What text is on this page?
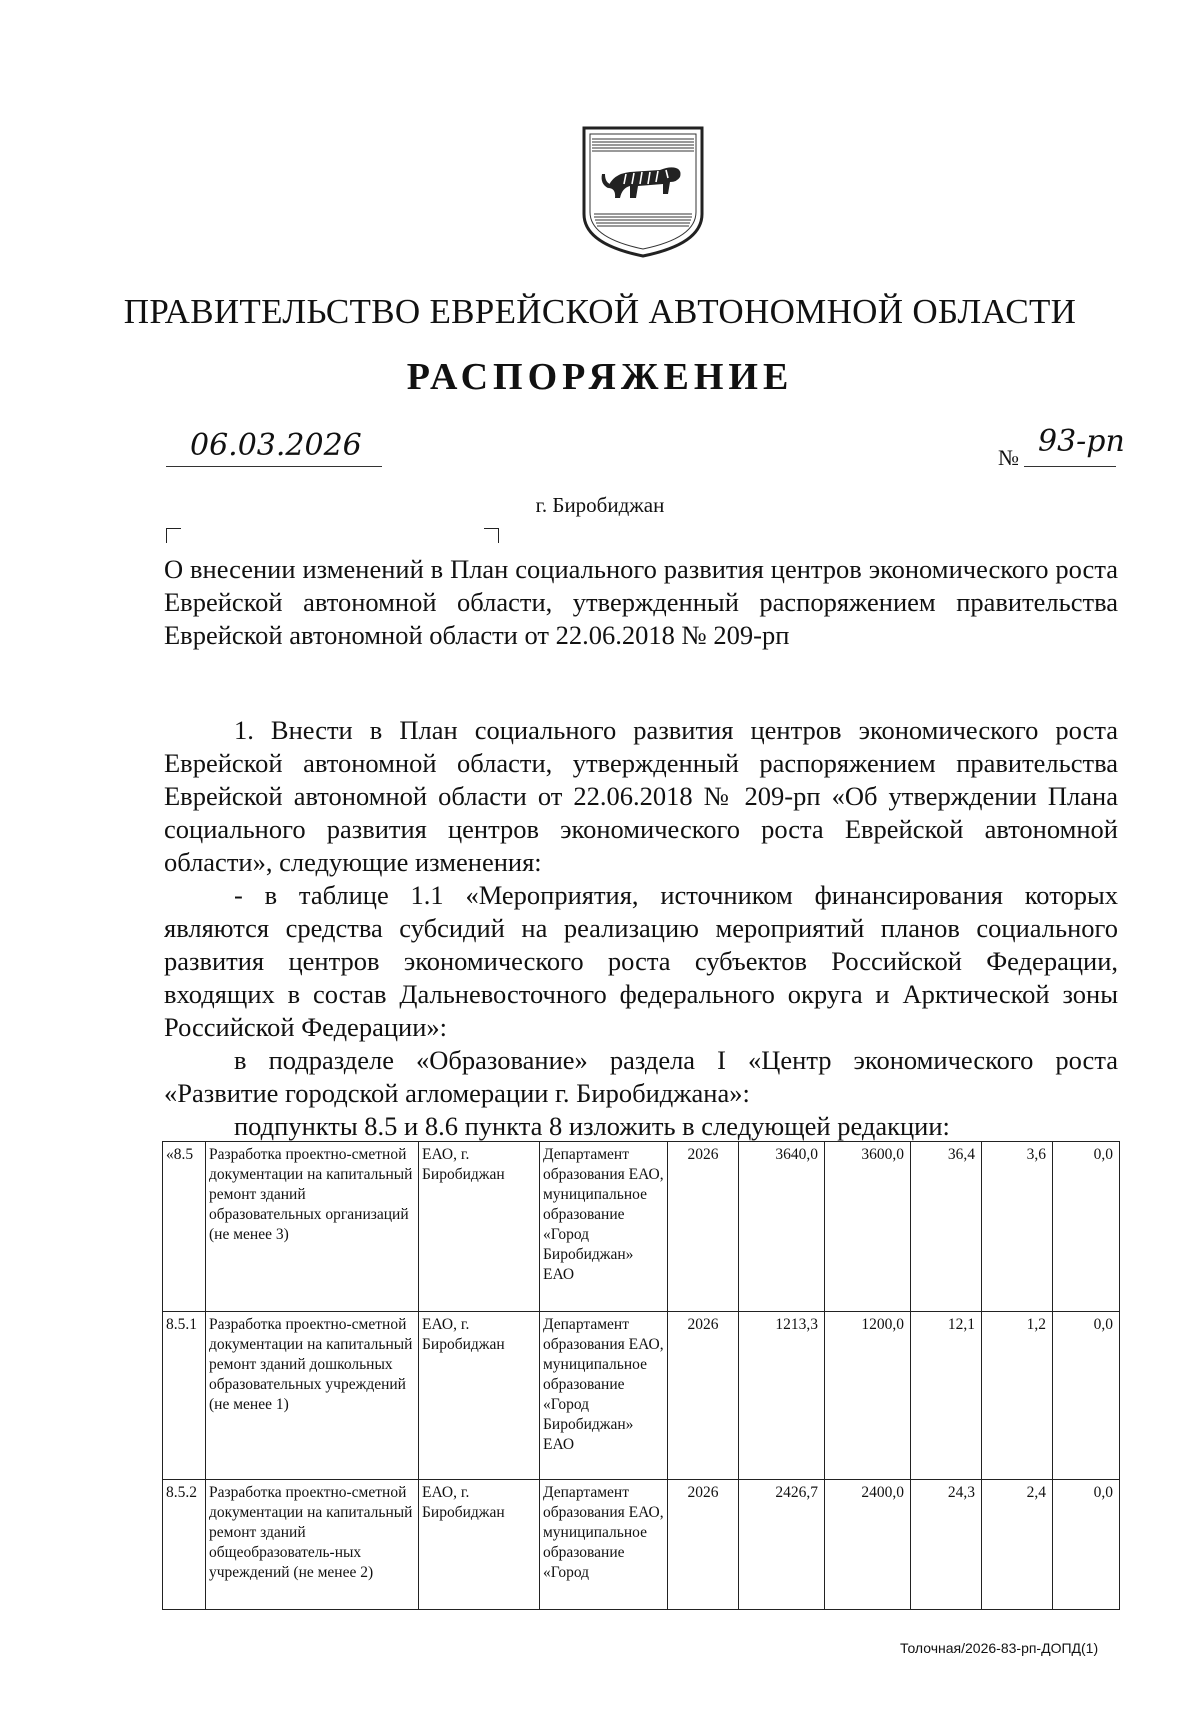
ПРАВИТЕЛЬСТВО ЕВРЕЙСКОЙ АВТОНОМНОЙ ОБЛАСТИ
РАСПОРЯЖЕНИЕ
06.03.2026	№ 93-рп
г. Биробиджан
О внесении изменений в План социального развития центров экономического роста Еврейской автономной области, утвержденный распоряжением правительства Еврейской автономной области от 22.06.2018 № 209-рп

1. Внести в План социального развития центров экономического роста Еврейской автономной области, утвержденный распоряжением правительства Еврейской автономной области от 22.06.2018 № 209-рп «Об утверждении Плана социального развития центров экономического роста Еврейской автономной области», следующие изменения:

- в таблице 1.1 «Мероприятия, источником финансирования которых являются средства субсидий на реализацию мероприятий планов социального развития центров экономического роста субъектов Российской Федерации, входящих в состав Дальневосточного федерального округа и Арктической зоны Российской Федерации»:

в подразделе «Образование» раздела I «Центр экономического роста «Развитие городской агломерации г. Биробиджана»:

подпункты 8.5 и 8.6 пункта 8 изложить в следующей редакции:

«8.5	Разработка проектно-сметной документации на капитальный ремонт зданий образовательных организаций (не менее 3)	ЕАО, г. Биробиджан	Департамент образования ЕАО, муниципальное образование «Город Биробиджан» ЕАО	2026	3640,0	3600,0	36,4	3,6	0,0
8.5.1	Разработка проектно-сметной документации на капитальный ремонт зданий дошкольных образовательных учреждений (не менее 1)	ЕАО, г. Биробиджан	Департамент образования ЕАО, муниципальное образование «Город Биробиджан» ЕАО	2026	1213,3	1200,0	12,1	1,2	0,0
8.5.2	Разработка проектно-сметной документации на капитальный ремонт зданий общеобразователь-ных учреждений (не менее 2)	ЕАО, г. Биробиджан	Департамент образования ЕАО, муниципальное образование «Город	2026	2426,7	2400,0	24,3	2,4	0,0
Толочная/2026-83-рп-ДОПД(1)
